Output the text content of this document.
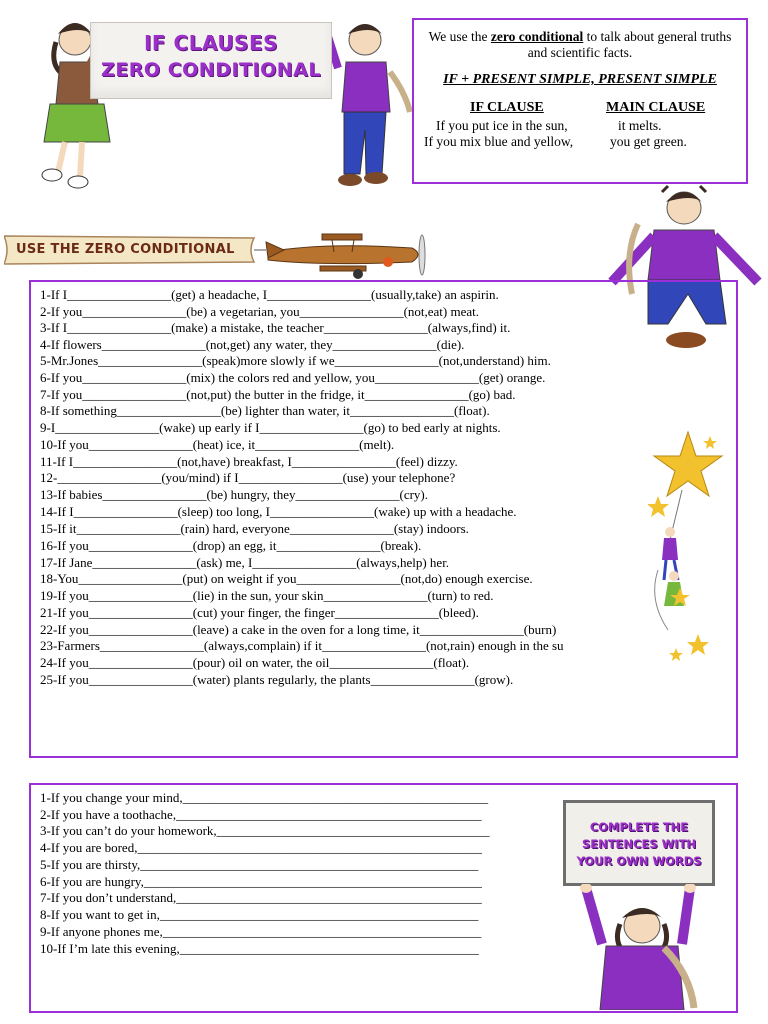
IF CLAUSES
ZERO CONDITIONAL

We use the zero conditional to talk about general truths and scientific facts.

IF + PRESENT SIMPLE, PRESENT SIMPLE

IF CLAUSE	MAIN CLAUSE
If you put ice in the sun,	it melts.
If you mix blue and yellow,	you get green.
USE THE ZERO CONDITIONAL
1-If I________________(get) a headache, I________________(usually,take) an aspirin.
2-If you________________(be) a vegetarian, you________________(not,eat) meat.
3-If I________________(make) a mistake, the teacher________________(always,find) it.
4-If flowers________________(not,get) any water, they________________(die).
5-Mr.Jones________________(speak)more slowly if we________________(not,understand) him.
6-If you________________(mix) the colors red and yellow, you________________(get) orange.
7-If you________________(not,put) the butter in the fridge, it________________(go) bad.
8-If something________________(be) lighter than water, it________________(float).
9-I________________(wake) up early if I________________(go) to bed early at nights.
10-If you________________(heat) ice, it________________(melt).
11-If I________________(not,have) breakfast, I________________(feel) dizzy.
12-________________(you/mind) if I________________(use) your telephone?
13-If babies________________(be) hungry, they________________(cry).
14-If I________________(sleep) too long, I________________(wake) up with a headache.
15-If it________________(rain) hard, everyone________________(stay) indoors.
16-If you________________(drop) an egg, it________________(break).
17-If Jane________________(ask) me, I________________(always,help) her.
18-You________________(put) on weight if you________________(not,do) enough exercise.
19-If you________________(lie) in the sun, your skin________________(turn) to red.
21-If you________________(cut) your finger, the finger________________(bleed).
22-If you________________(leave) a cake in the oven for a long time, it________________(burn)
23-Farmers________________(always,complain) if it________________(not,rain) enough in the su
24-If you________________(pour) oil on water, the oil________________(float).
25-If you________________(water) plants regularly, the plants________________(grow).
1-If you change your mind,_______________________________________________
2-If you have a toothache,_______________________________________________
3-If you can’t do your homework,__________________________________________
4-If you are bored,_____________________________________________________
5-If you are thirsty,____________________________________________________
6-If you are hungry,____________________________________________________
7-If you don’t understand,_______________________________________________
8-If you want to get in,_________________________________________________
9-If anyone phones me,_________________________________________________
10-If I’m late this evening,______________________________________________
COMPLETE THE
SENTENCES WITH
YOUR OWN WORDS
